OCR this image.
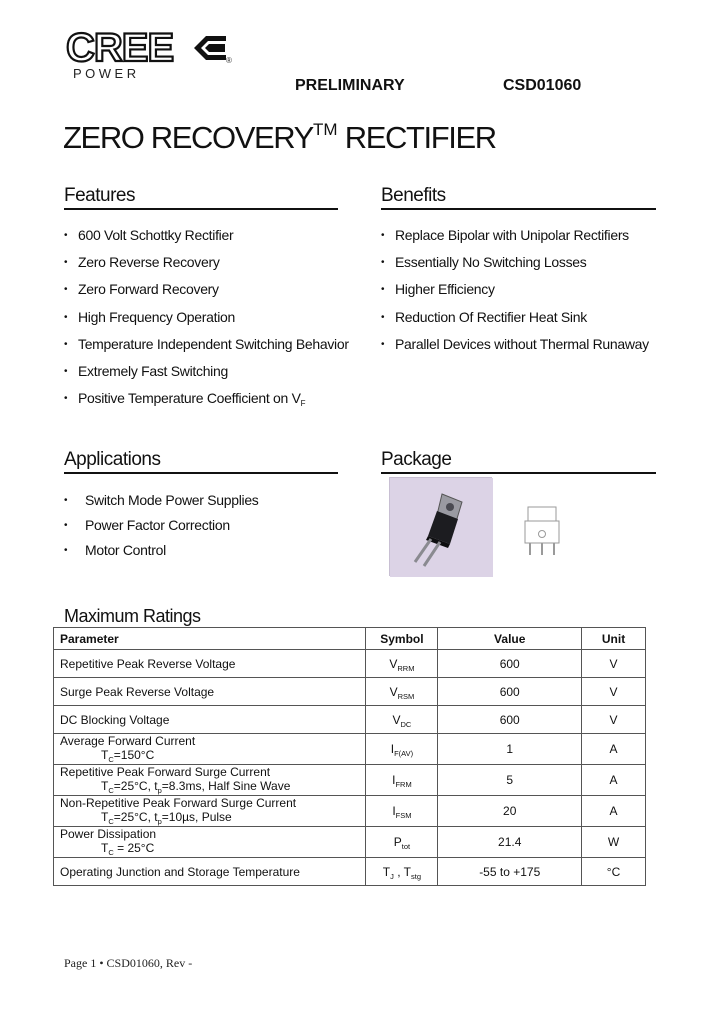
CREE
POWER
®
PRELIMINARY	CSD01060
ZERO RECOVERY™ RECTIFIER
Features
• 600 Volt Schottky Rectifier
• Zero Reverse Recovery
• Zero Forward Recovery
• High Frequency Operation
• Temperature Independent Switching Behavior
• Extremely Fast Switching
• Positive Temperature Coefficient on $V_F$
Benefits
• Replace Bipolar with Unipolar Rectifiers
• Essentially No Switching Losses
• Higher Efficiency
• Reduction Of Rectifier Heat Sink
• Parallel Devices without Thermal Runaway
Applications
• Switch Mode Power Supplies
• Power Factor Correction
• Motor Control
Package
Maximum Ratings
Parameter	Symbol	Value	Unit
Repetitive Peak Reverse Voltage	$V_{RRM}$	600	V
Surge Peak Reverse Voltage	$V_{RSM}$	600	V
DC Blocking Voltage	$V_{DC}$	600	V
Average Forward Current
$T_C=150^\circ C$	$I_{F(AV)}$	1	A
Repetitive Peak Forward Surge Current
$T_C=25^\circ C$, $t_p=8.3ms$, Half Sine Wave	$I_{FRM}$	5	A
Non-Repetitive Peak Forward Surge Current
$T_C=25^\circ C$, $t_p=10\mu s$, Pulse	$I_{FSM}$	20	A
Power Dissipation
$T_C = 25^\circ C$	$P_{tot}$	21.4	W
Operating Junction and Storage Temperature	$T_J$ , $T_{stg}$	-55 to +175	°C
Page 1 • CSD01060, Rev -
